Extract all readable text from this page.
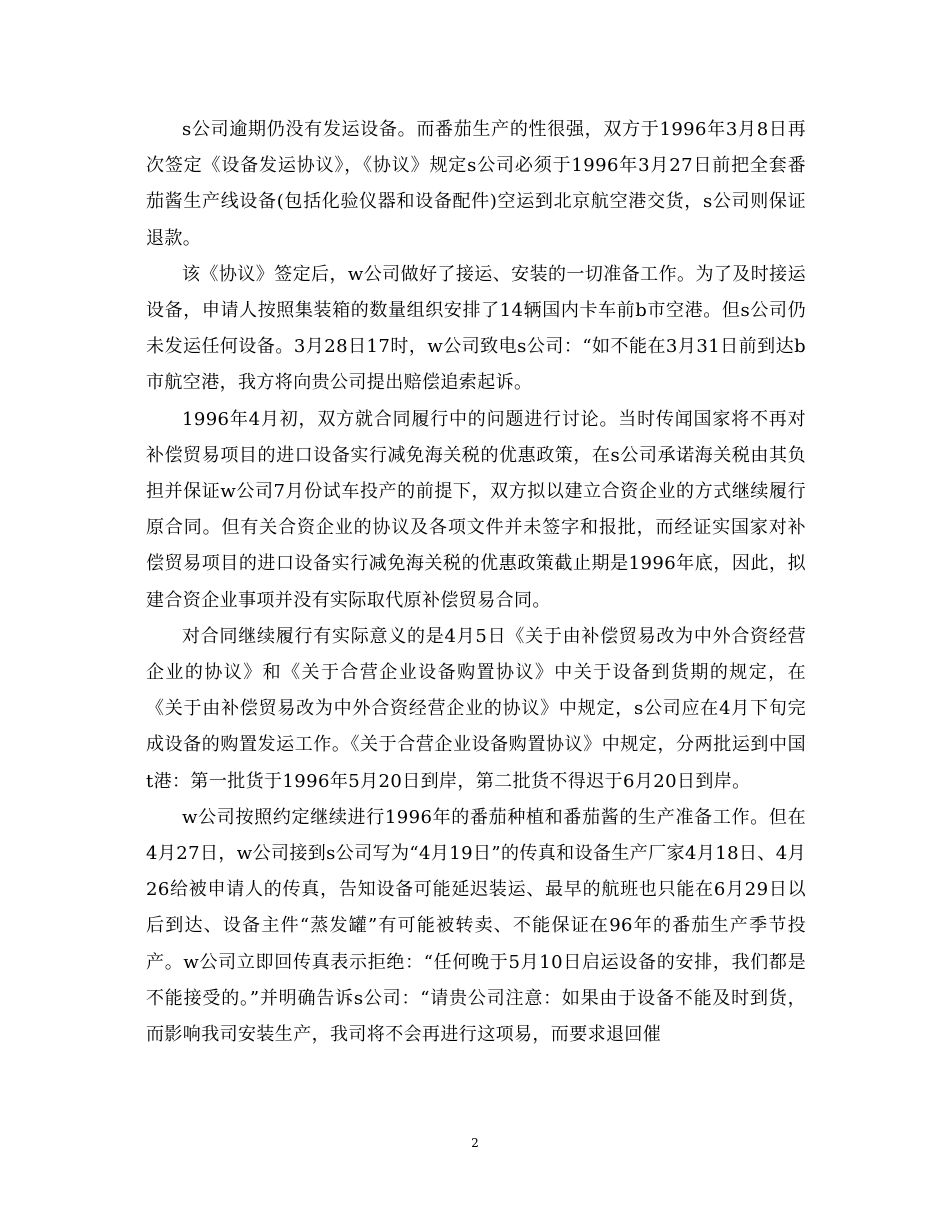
s公司逾期仍没有发运设备。而番茄生产的性很强，双方于1996年3月8日再次签定《设备发运协议》，《协议》规定s公司必须于1996年3月27日前把全套番茄酱生产线设备(包括化验仪器和设备配件)空运到北京航空港交货，s公司则保证退款。

该《协议》签定后，w公司做好了接运、安装的一切准备工作。为了及时接运设备，申请人按照集装箱的数量组织安排了14辆国内卡车前b市空港。但s公司仍未发运任何设备。3月28日17时，w公司致电s公司：“如不能在3月31日前到达b市航空港，我方将向贵公司提出赔偿追索起诉。

1996年4月初，双方就合同履行中的问题进行讨论。当时传闻国家将不再对补偿贸易项目的进口设备实行减免海关税的优惠政策，在s公司承诺海关税由其负担并保证w公司7月份试车投产的前提下，双方拟以建立合资企业的方式继续履行原合同。但有关合资企业的协议及各项文件并未签字和报批，而经证实国家对补偿贸易项目的进口设备实行减免海关税的优惠政策截止期是1996年底，因此，拟建合资企业事项并没有实际取代原补偿贸易合同。

对合同继续履行有实际意义的是4月5日《关于由补偿贸易改为中外合资经营企业的协议》和《关于合营企业设备购置协议》中关于设备到货期的规定，在《关于由补偿贸易改为中外合资经营企业的协议》中规定，s公司应在4月下旬完成设备的购置发运工作。《关于合营企业设备购置协议》中规定，分两批运到中国t港：第一批货于1996年5月20日到岸，第二批货不得迟于6月20日到岸。

w公司按照约定继续进行1996年的番茄种植和番茄酱的生产准备工作。但在4月27日，w公司接到s公司写为“4月19日”的传真和设备生产厂家4月18日、4月26给被申请人的传真，告知设备可能延迟装运、最早的航班也只能在6月29日以后到达、设备主件“蒸发罐”有可能被转卖、不能保证在96年的番茄生产季节投产。w公司立即回传真表示拒绝：“任何晚于5月10日启运设备的安排，我们都是不能接受的。”并明确告诉s公司：“请贵公司注意：如果由于设备不能及时到货，而影响我司安装生产，我司将不会再进行这项易，而要求退回催

2
